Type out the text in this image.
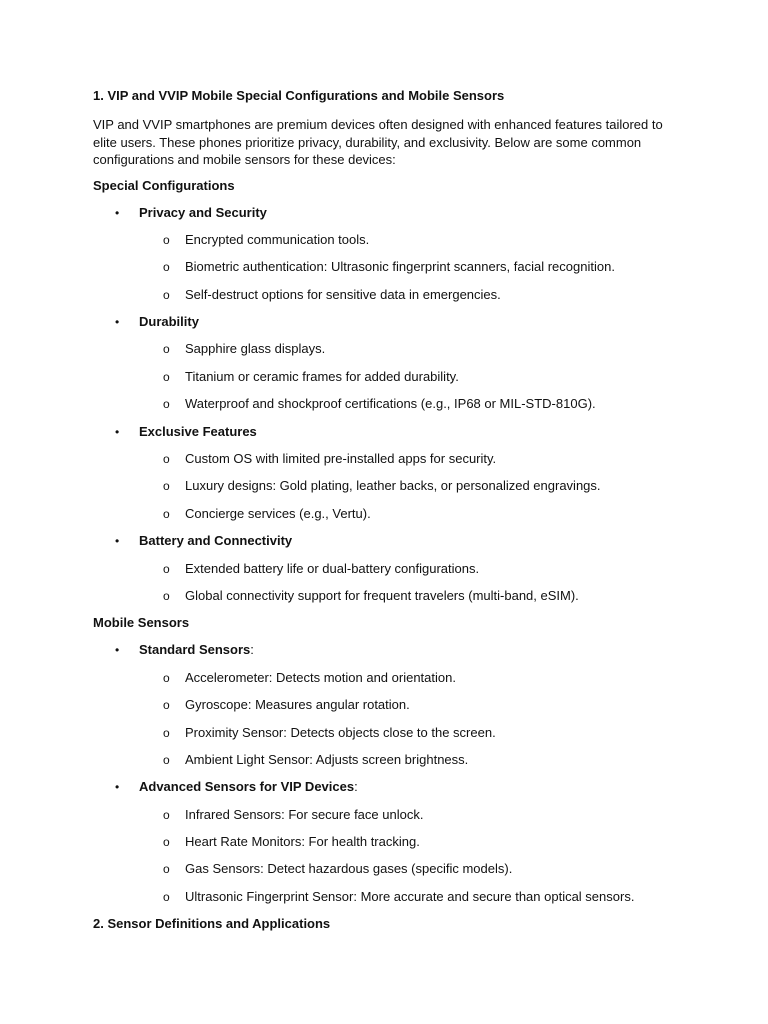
1. VIP and VVIP Mobile Special Configurations and Mobile Sensors
VIP and VVIP smartphones are premium devices often designed with enhanced features tailored to elite users. These phones prioritize privacy, durability, and exclusivity. Below are some common configurations and mobile sensors for these devices:
Special Configurations
• Privacy and Security
o Encrypted communication tools.
o Biometric authentication: Ultrasonic fingerprint scanners, facial recognition.
o Self-destruct options for sensitive data in emergencies.
• Durability
o Sapphire glass displays.
o Titanium or ceramic frames for added durability.
o Waterproof and shockproof certifications (e.g., IP68 or MIL-STD-810G).
• Exclusive Features
o Custom OS with limited pre-installed apps for security.
o Luxury designs: Gold plating, leather backs, or personalized engravings.
o Concierge services (e.g., Vertu).
• Battery and Connectivity
o Extended battery life or dual-battery configurations.
o Global connectivity support for frequent travelers (multi-band, eSIM).
Mobile Sensors
• Standard Sensors:
o Accelerometer: Detects motion and orientation.
o Gyroscope: Measures angular rotation.
o Proximity Sensor: Detects objects close to the screen.
o Ambient Light Sensor: Adjusts screen brightness.
• Advanced Sensors for VIP Devices:
o Infrared Sensors: For secure face unlock.
o Heart Rate Monitors: For health tracking.
o Gas Sensors: Detect hazardous gases (specific models).
o Ultrasonic Fingerprint Sensor: More accurate and secure than optical sensors.
2. Sensor Definitions and Applications
